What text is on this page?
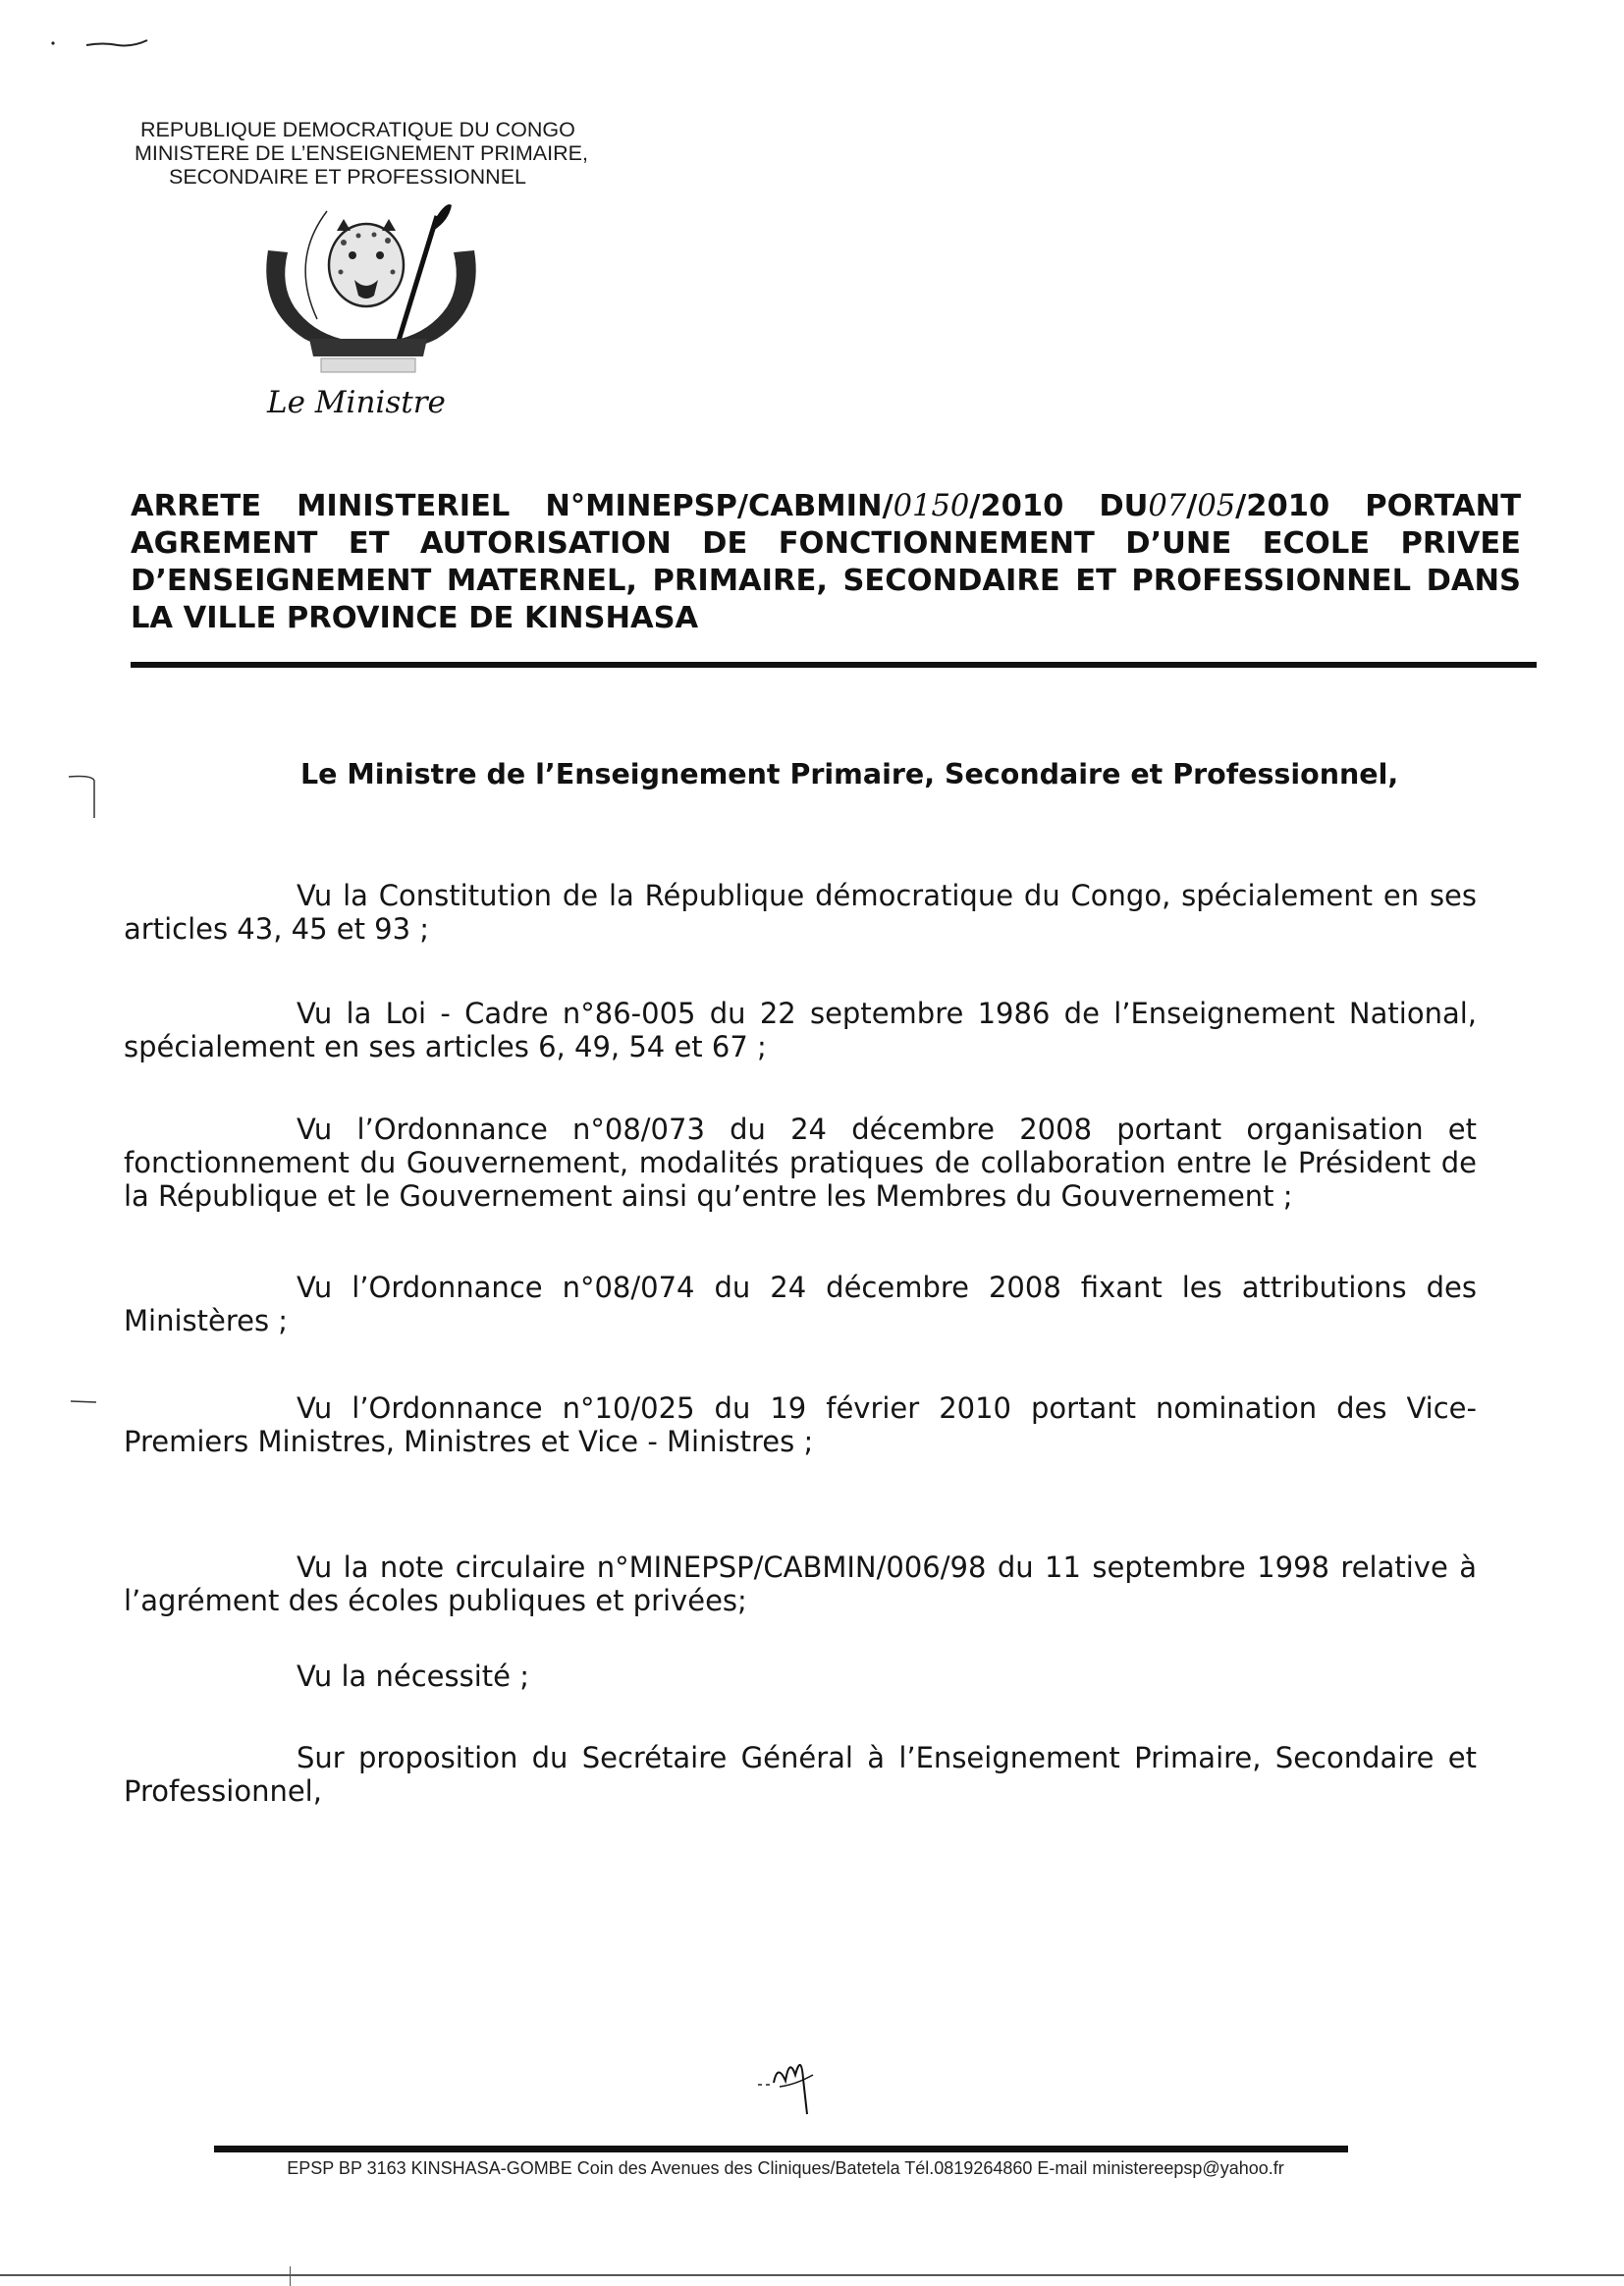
REPUBLIQUE DEMOCRATIQUE DU CONGO
MINISTERE DE L’ENSEIGNEMENT PRIMAIRE,
SECONDAIRE ET PROFESSIONNEL
Le Ministre
ARRETE MINISTERIEL N°MINEPSP/CABMIN/0150/2010 DU07/05/2010 PORTANT
AGREMENT ET AUTORISATION DE FONCTIONNEMENT D’UNE ECOLE PRIVEE
D’ENSEIGNEMENT MATERNEL, PRIMAIRE, SECONDAIRE ET PROFESSIONNEL DANS
LA VILLE PROVINCE DE KINSHASA
Le Ministre de l’Enseignement Primaire, Secondaire et Professionnel,
Vu la Constitution de la République démocratique du Congo, spécialement en ses articles 43, 45 et 93 ;
Vu la Loi - Cadre n°86-005 du 22 septembre 1986 de l’Enseignement National, spécialement en ses articles 6, 49, 54 et 67 ;
Vu l’Ordonnance n°08/073 du 24 décembre 2008 portant organisation et fonctionnement du Gouvernement, modalités pratiques de collaboration entre le Président de la République et le Gouvernement ainsi qu’entre les Membres du Gouvernement ;
Vu l’Ordonnance n°08/074 du 24 décembre 2008 fixant les attributions des Ministères ;
Vu l’Ordonnance n°10/025 du 19 février 2010 portant nomination des Vice-Premiers Ministres, Ministres et Vice - Ministres ;
Vu la note circulaire n°MINEPSP/CABMIN/006/98 du 11 septembre 1998 relative à l’agrément des écoles publiques et privées;
Vu la nécessité ;
Sur proposition du Secrétaire Général à l’Enseignement Primaire, Secondaire et Professionnel,
EPSP BP 3163 KINSHASA-GOMBE Coin des Avenues des Cliniques/Batetela Tél.0819264860 E-mail ministereepsp@yahoo.fr
